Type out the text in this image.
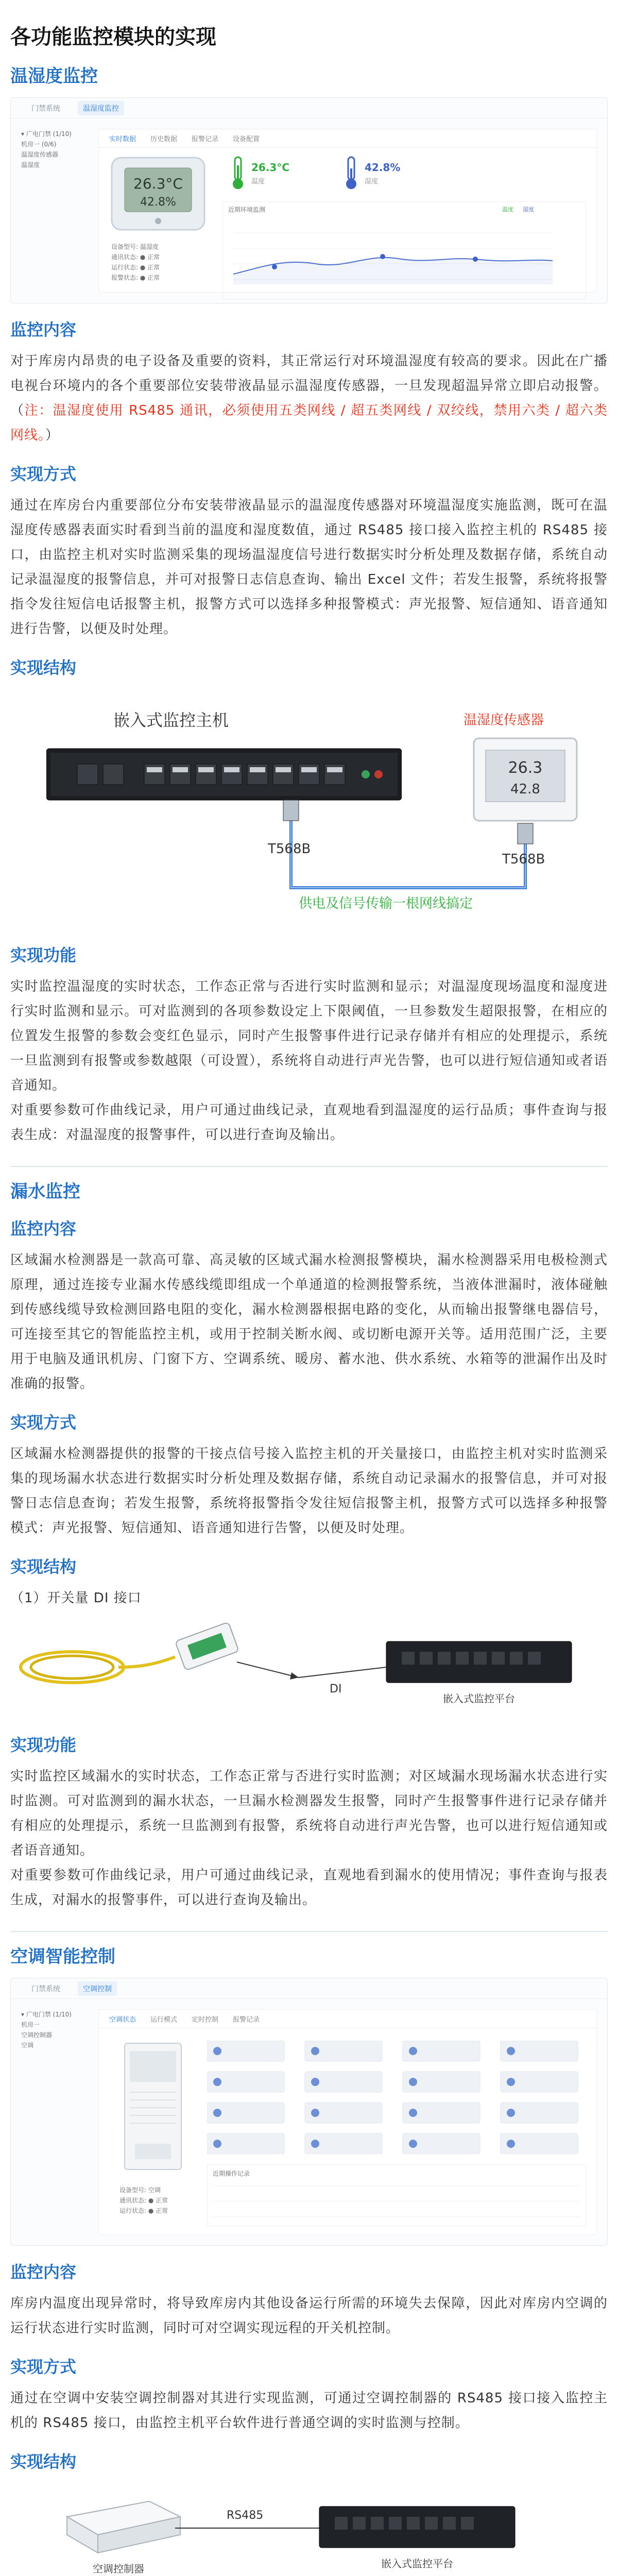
各功能监控模块的实现
温湿度监控
门禁系统	温湿度监控
▾ 广电门禁 (1/10)
机房一 (0/6)
温湿度传感器
温湿度
实时数据 历史数据 报警记录 设备配置
26.3°C
42.8%
设备型号: 温湿度
通讯状态: ● 正常
运行状态: ● 正常
报警状态: ● 正常
26.3°C
温度
42.8%
湿度
近期环境监测	温度 湿度
监控内容

对于库房内昂贵的电子设备及重要的资料，其正常运行对环境温湿度有较高的要求。因此在广播电视台环境内的各个重要部位安装带液晶显示温湿度传感器，一旦发现超温异常立即启动报警。（注：温湿度使用 RS485 通讯，必须使用五类网线 / 超五类网线 / 双绞线，禁用六类 / 超六类网线。）

实现方式

通过在库房台内重要部位分布安装带液晶显示的温湿度传感器对环境温湿度实施监测，既可在温湿度传感器表面实时看到当前的温度和湿度数值，通过 RS485 接口接入监控主机的 RS485 接口，由监控主机对实时监测采集的现场温湿度信号进行数据实时分析处理及数据存储，系统自动记录温湿度的报警信息，并可对报警日志信息查询、输出 Excel 文件；若发生报警，系统将报警指令发往短信电话报警主机，报警方式可以选择多种报警模式：声光报警、短信通知、语音通知进行告警，以便及时处理。

实现结构
嵌入式监控主机	温湿度传感器
26.3
42.8
T568B
T568B
供电及信号传输一根网线搞定
实现功能

实时监控温湿度的实时状态，工作态正常与否进行实时监测和显示；对温湿度现场温度和湿度进行实时监测和显示。可对监测到的各项参数设定上下限阈值，一旦参数发生超限报警，在相应的位置发生报警的参数会变红色显示，同时产生报警事件进行记录存储并有相应的处理提示，系统一旦监测到有报警或参数越限（可设置），系统将自动进行声光告警，也可以进行短信通知或者语音通知。

对重要参数可作曲线记录，用户可通过曲线记录，直观地看到温湿度的运行品质；事件查询与报表生成：对温湿度的报警事件，可以进行查询及输出。

漏水监控
监控内容

区域漏水检测器是一款高可靠、高灵敏的区域式漏水检测报警模块，漏水检测器采用电极检测式原理，通过连接专业漏水传感线缆即组成一个单通道的检测报警系统，当液体泄漏时，液体碰触到传感线缆导致检测回路电阻的变化，漏水检测器根据电路的变化，从而输出报警继电器信号，可连接至其它的智能监控主机，或用于控制关断水阀、或切断电源开关等。适用范围广泛，主要用于电脑及通讯机房、门窗下方、空调系统、暖房、蓄水池、供水系统、水箱等的泄漏作出及时准确的报警。

实现方式

区域漏水检测器提供的报警的干接点信号接入监控主机的开关量接口，由监控主机对实时监测采集的现场漏水状态进行数据实时分析处理及数据存储，系统自动记录漏水的报警信息，并可对报警日志信息查询；若发生报警，系统将报警指令发往短信报警主机，报警方式可以选择多种报警模式：声光报警、短信通知、语音通知进行告警，以便及时处理。

实现结构

（1）开关量 DI 接口

DI
嵌入式监控平台
实现功能

实时监控区域漏水的实时状态，工作态正常与否进行实时监测；对区域漏水现场漏水状态进行实时监测。可对监测到的漏水状态，一旦漏水检测器发生报警，同时产生报警事件进行记录存储并有相应的处理提示，系统一旦监测到有报警，系统将自动进行声光告警，也可以进行短信通知或者语音通知。

对重要参数可作曲线记录，用户可通过曲线记录，直观地看到漏水的使用情况；事件查询与报表生成，对漏水的报警事件，可以进行查询及输出。

空调智能控制
门禁系统	空调控制
▾ 广电门禁 (1/10)
机房一
空调控制器
空调
空调状态 运行模式 定时控制 报警记录
设备型号: 空调
通讯状态: ● 正常
运行状态: ● 正常
近期操作记录
监控内容

库房内温度出现异常时，将导致库房内其他设备运行所需的环境失去保障，因此对库房内空调的运行状态进行实时监测，同时可对空调实现远程的开关机控制。

实现方式

通过在空调中安装空调控制器对其进行实现监测，可通过空调控制器的 RS485 接口接入监控主机的 RS485 接口，由监控主机平台软件进行普通空调的实时监测与控制。

实现结构
RS485
空调控制器	嵌入式监控平台
